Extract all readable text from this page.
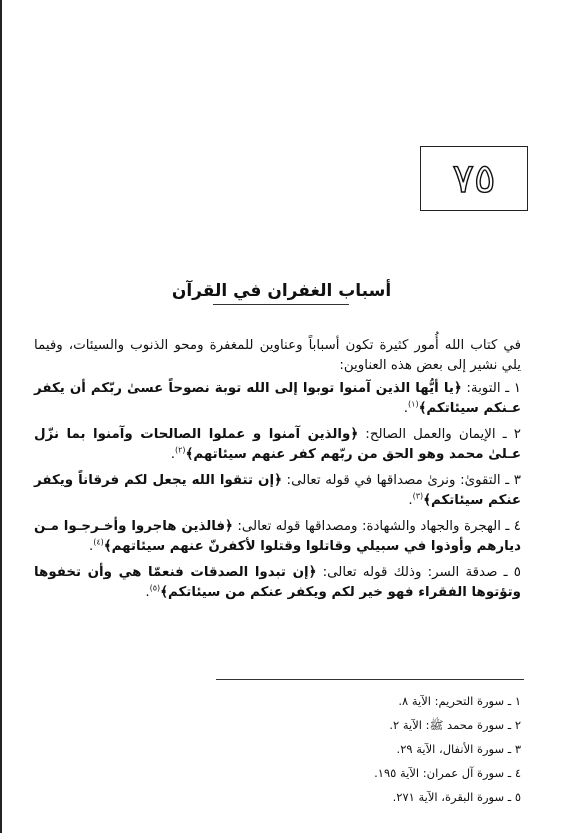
٧٥
أسباب الغفران في القرآن

في كتاب الله أُمور كثيرة تكون أسباباً وعناوين للمغفرة ومحو الذنوب والسيئات، وفيما يلي نشير إلى بعض هذه العناوين:

١ ـ التوبة: ﴿يا أيُّها الذين آمنوا توبوا إلى الله توبة نصوحاً عسىٰ ربّكم أن يكفر عـنكم سيئاتكم﴾$^{(١)}$.

٢ ـ الإيمان والعمل الصالح: ﴿والذين آمنوا و عملوا الصالحات وآمنوا بما نزّل عـلىٰ محمد وهو الحق من ربّهم كفر عنهم سيئاتهم﴾$^{(٢)}$.

٣ ـ التقوىٰ: ونرىٰ مصداقها في قوله تعالى: ﴿إن تتقوا الله يجعل لكم فرقاناً ويكفر عنكم سيئاتكم﴾$^{(٣)}$.

٤ ـ الهجرة والجهاد والشهادة: ومصداقها قوله تعالى: ﴿فالذين هاجروا وأخـرجـوا مـن ديارهم وأوذوا في سبيلي وقاتلوا وقتلوا لأكفرنّ عنهم سيئاتهم﴾$^{(٤)}$.

٥ ـ صدقة السر: وذلك قوله تعالى: ﴿إن تبدوا الصدقات فنعمّا هي وأن تخفوها وتؤتوها الفقراء فهو خير لكم ويكفر عنكم من سيئاتكم﴾$^{(٥)}$.

١ ـ سورة التحريم: الآية ٨.
٢ ـ سورة محمد ﷺ: الآية ٢.
٣ ـ سورة الأنفال، الآية ٢٩.
٤ ـ سورة آل عمران: الآية ١٩٥.
٥ ـ سورة البقرة، الآية ٢٧١.
